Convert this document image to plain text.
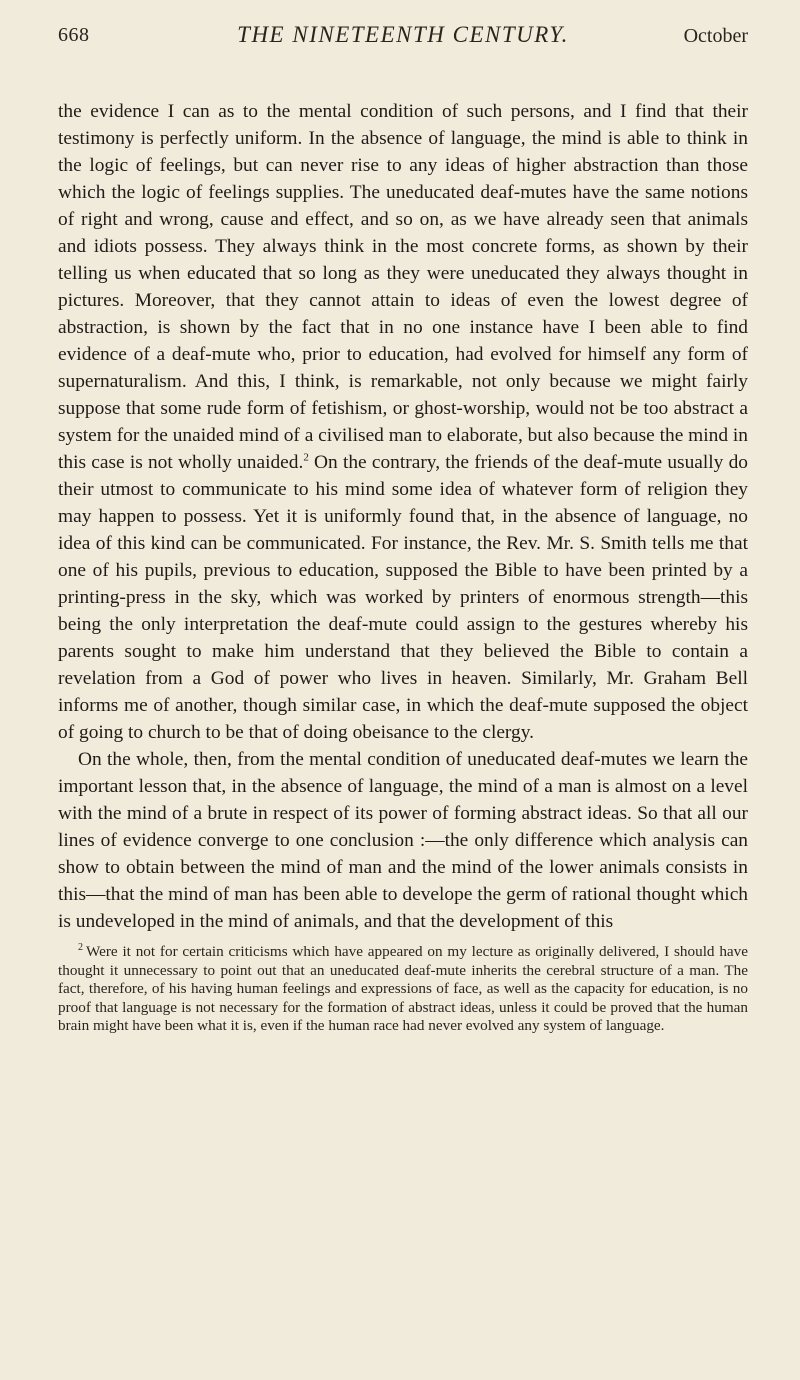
668	THE NINETEENTH CENTURY.	October

the evidence I can as to the mental condition of such persons, and I find that their testimony is perfectly uniform. In the absence of language, the mind is able to think in the logic of feelings, but can never rise to any ideas of higher abstraction than those which the logic of feelings supplies. The uneducated deaf-mutes have the same notions of right and wrong, cause and effect, and so on, as we have already seen that animals and idiots possess. They always think in the most concrete forms, as shown by their telling us when educated that so long as they were uneducated they always thought in pictures. Moreover, that they cannot attain to ideas of even the lowest degree of abstraction, is shown by the fact that in no one instance have I been able to find evidence of a deaf-mute who, prior to education, had evolved for himself any form of supernaturalism. And this, I think, is remarkable, not only because we might fairly suppose that some rude form of fetishism, or ghost-worship, would not be too abstract a system for the unaided mind of a civilised man to elaborate, but also because the mind in this case is not wholly unaided.$^2$ On the contrary, the friends of the deaf-mute usually do their utmost to communicate to his mind some idea of whatever form of religion they may happen to possess. Yet it is uniformly found that, in the absence of language, no idea of this kind can be communicated. For instance, the Rev. Mr. S. Smith tells me that one of his pupils, previous to education, supposed the Bible to have been printed by a printing-press in the sky, which was worked by printers of enormous strength—this being the only interpretation the deaf-mute could assign to the gestures whereby his parents sought to make him understand that they believed the Bible to contain a revelation from a God of power who lives in heaven. Similarly, Mr. Graham Bell informs me of another, though similar case, in which the deaf-mute supposed the object of going to church to be that of doing obeisance to the clergy.

On the whole, then, from the mental condition of uneducated deaf-mutes we learn the important lesson that, in the absence of language, the mind of a man is almost on a level with the mind of a brute in respect of its power of forming abstract ideas. So that all our lines of evidence converge to one conclusion :—the only difference which analysis can show to obtain between the mind of man and the mind of the lower animals consists in this—that the mind of man has been able to develope the germ of rational thought which is undeveloped in the mind of animals, and that the development of this

$^2$ Were it not for certain criticisms which have appeared on my lecture as originally delivered, I should have thought it unnecessary to point out that an uneducated deaf-mute inherits the cerebral structure of a man. The fact, therefore, of his having human feelings and expressions of face, as well as the capacity for education, is no proof that language is not necessary for the formation of abstract ideas, unless it could be proved that the human brain might have been what it is, even if the human race had never evolved any system of language.
